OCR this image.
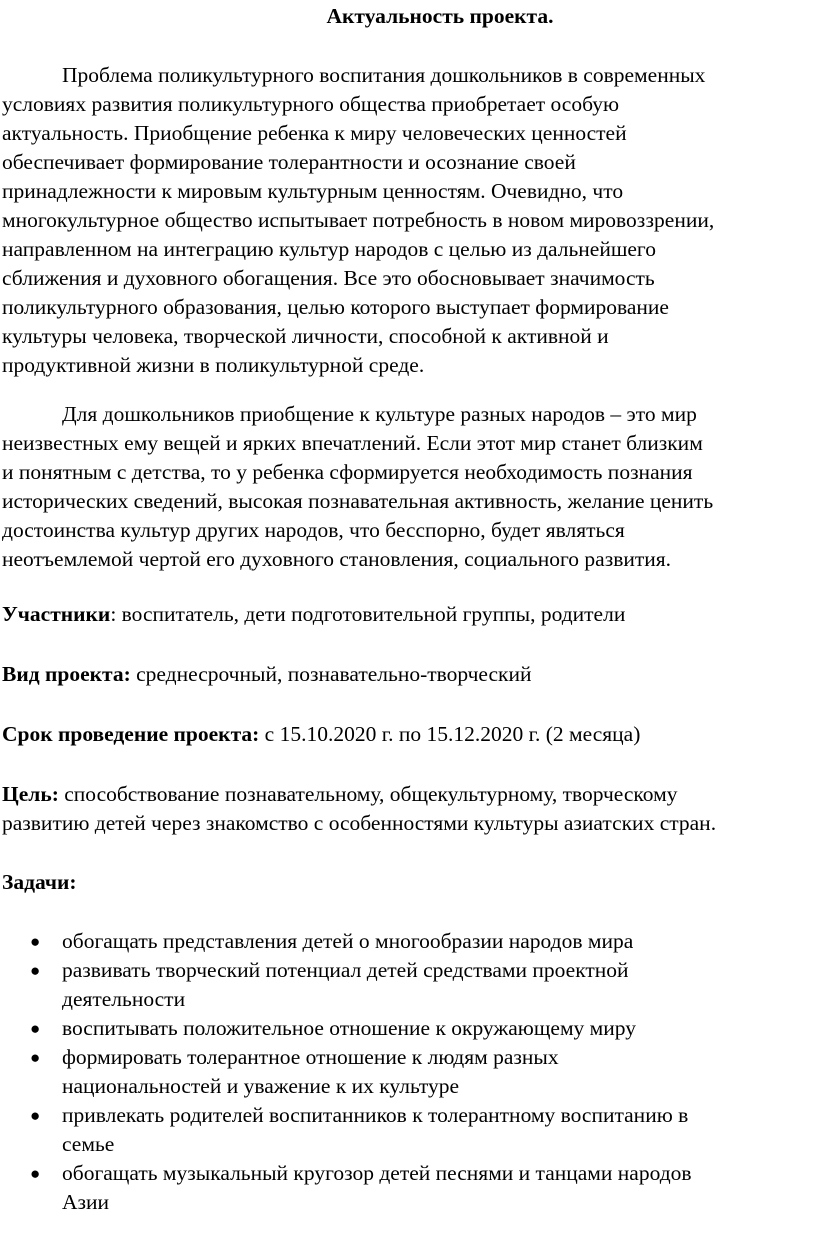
Актуальность проекта.

Проблема поликультурного воспитания дошкольников в современных
условиях развития поликультурного общества приобретает особую
актуальность. Приобщение ребенка к миру человеческих ценностей
обеспечивает формирование толерантности и осознание своей
принадлежности к мировым культурным ценностям. Очевидно, что
многокультурное общество испытывает потребность в новом мировоззрении,
направленном на интеграцию культур народов с целью из дальнейшего
сближения и духовного обогащения. Все это обосновывает значимость
поликультурного образования, целью которого выступает формирование
культуры человека, творческой личности, способной к активной и
продуктивной жизни в поликультурной среде.

Для дошкольников приобщение к культуре разных народов – это мир
неизвестных ему вещей и ярких впечатлений. Если этот мир станет близким
и понятным с детства, то у ребенка сформируется необходимость познания
исторических сведений, высокая познавательная активность, желание ценить
достоинства культур других народов, что бесспорно, будет являться
неотъемлемой чертой его духовного становления, социального развития.

Участники: воспитатель, дети подготовительной группы, родители

Вид проекта: среднесрочный, познавательно-творческий

Срок проведение проекта: с 15.10.2020 г. по 15.12.2020 г. (2 месяца)

Цель: способствование познавательному, общекультурному, творческому
развитию детей через знакомство с особенностями культуры азиатских стран.

Задачи:

● обогащать представления детей о многообразии народов мира
● развивать творческий потенциал детей средствами проектной
деятельности
● воспитывать положительное отношение к окружающему миру
● формировать толерантное отношение к людям разных
национальностей и уважение к их культуре
● привлекать родителей воспитанников к толерантному воспитанию в
семье
● обогащать музыкальный кругозор детей песнями и танцами народов
Азии
